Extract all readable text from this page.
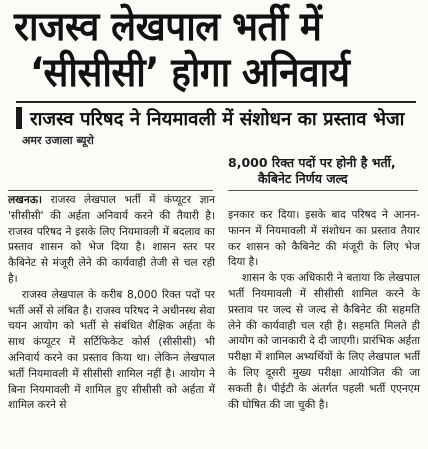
राजस्व लेखपाल भर्ती में
‘सीसीसी’ होगा अनिवार्य
राजस्व परिषद ने नियमावली में संशोधन का प्रस्ताव भेजा
अमर उजाला ब्यूरो
8,000 रिक्त पदों पर होनी है भर्ती,
कैबिनेट निर्णय जल्द

लखनऊ। राजस्व लेखपाल भर्ती में कंप्यूटर ज्ञान 'सीसीसी' की अर्हता अनिवार्य करने की तैयारी है। राजस्व परिषद ने इसके लिए नियमावली में बदलाव का प्रस्ताव शासन को भेज दिया है। शासन स्तर पर कैबिनेट से मंजूरी लेने की कार्यवाही तेजी से चल रही है।

राजस्व लेखपाल के करीब 8,000 रिक्त पदों पर भर्ती अर्से से लंबित है। राजस्व परिषद ने अधीनस्थ सेवा चयन आयोग को भर्ती से संबंधित शैक्षिक अर्हता के साथ कंप्यूटर में सर्टिफिकेट कोर्स (सीसीसी) भी अनिवार्य करने का प्रस्ताव किया था। लेकिन लेखपाल भर्ती नियमावली में सीसीसी शामिल नहीं है। आयोग ने बिना नियमावली में शामिल हुए सीसीसी को अर्हता में शामिल करने से

इनकार कर दिया। इसके बाद परिषद ने आनन-फानन में नियमावली में संशोधन का प्रस्ताव तैयार कर शासन को कैबिनेट की मंजूरी के लिए भेज दिया है।

शासन के एक अधिकारी ने बताया कि लेखपाल भर्ती नियमावली में सीसीसी शामिल करने के प्रस्ताव पर जल्द से जल्द से कैबिनेट की सहमति लेने की कार्यवाही चल रही है। सहमति मिलते ही आयोग को जानकारी दे दी जाएगी। प्रारंभिक अर्हता परीक्षा में शामिल अभ्यर्थियों के लिए लेखपाल भर्ती के लिए दूसरी मुख्य परीक्षा आयोजित की जा सकती है। पीईटी के अंतर्गत पहली भर्ती एएनएम की घोषित की जा चुकी है।
